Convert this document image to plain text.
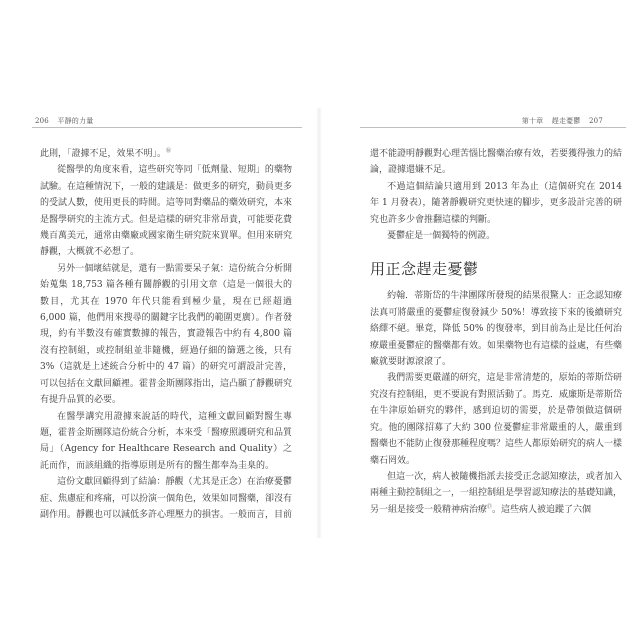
206 平靜的力量

此則，「證據不足，效果不明」。⑯

從醫學的角度來看，這些研究等同「低劑量、短期」的藥物試驗。在這種情況下，一般的建議是：做更多的研究，動員更多的受試人數，使用更長的時間。這等同對藥品的藥效研究，本來是醫學研究的主流方式。但是這樣的研究非常昂貴，可能要花費幾百萬美元，通常由藥廠或國家衛生研究院來買單。但用來研究靜觀，大概就不必想了。

另外一個壞結就是，還有一點需要呆子氣：這份統合分析開始蒐集 18,753 篇各種有關靜觀的引用文章（這是一個很大的數目，尤其在 1970 年代只能看到極少量，現在已經超過 6,000 篇，他們用來搜尋的關鍵字比我們的範圍更廣）。作者發現，約有半數沒有確實數據的報告，實證報告中約有 4,800 篇沒有控制組，或控制組並非隨機，經過仔細的篩選之後，只有 3%（這就是上述統合分析中的 47 篇）的研究可謂設計完善，可以包括在文獻回顧裡。霍普金斯團隊指出，這凸顯了靜觀研究有提升品質的必要。

在醫學講究用證據來說話的時代，這種文獻回顧對醫生專題，霍普金斯團隊這份統合分析，本來受「醫療照護研究和品質局」（Agency for Healthcare Research and Quality）之託而作，而該組織的指導原則是所有的醫生都奉為圭臬的。

這份文獻回顧得到了結論：靜觀（尤其是正念）在治療憂鬱症、焦慮症和疼痛，可以扮演一個角色，效果如同醫藥，卻沒有副作用。靜觀也可以減低多許心理壓力的損害。一般而言，目前

第十章 趕走憂鬱 207

還不能證明靜觀對心理苦惱比醫藥治療有效，若要獲得強力的結論，證據還嫌不足。

不過這個結論只適用到 2013 年為止（這個研究在 2014 年 1 月發表），隨著靜觀研究更快速的腳步，更多設計完善的研究也許多少會推翻這樣的判斷。

憂鬱症是一個獨特的例證。

用正念趕走憂鬱

約翰．蒂斯岱的牛津團隊所發現的結果很驚人：正念認知療法真可將嚴重的憂鬱症復發減少 50%！導致接下來的後續研究絡繹不絕。畢竟，降低 50% 的復發率，到目前為止是比任何治療嚴重憂鬱症的醫藥都有效。如果藥物也有這樣的益處，有些藥廠就要財源滾滾了。

我們需要更嚴謹的研究，這是非常清楚的，原始的蒂斯岱研究沒有控制組，更不要說有對照活動了。馬克．威廉斯是蒂斯岱在牛津原始研究的夥伴，感到迫切的需要，於是帶領做這個研究。他的團隊招募了大約 300 位憂鬱症非常嚴重的人，嚴重到醫藥也不能防止復發那種程度嗎？這些人都原始研究的病人一樣藥石罔效。

但這一次，病人被隨機指派去接受正念認知療法，或者加入兩種主動控制組之一，一組控制組是學習認知療法的基礎知識，另一組是接受一般精神病治療⑰。這些病人被追蹤了六個
